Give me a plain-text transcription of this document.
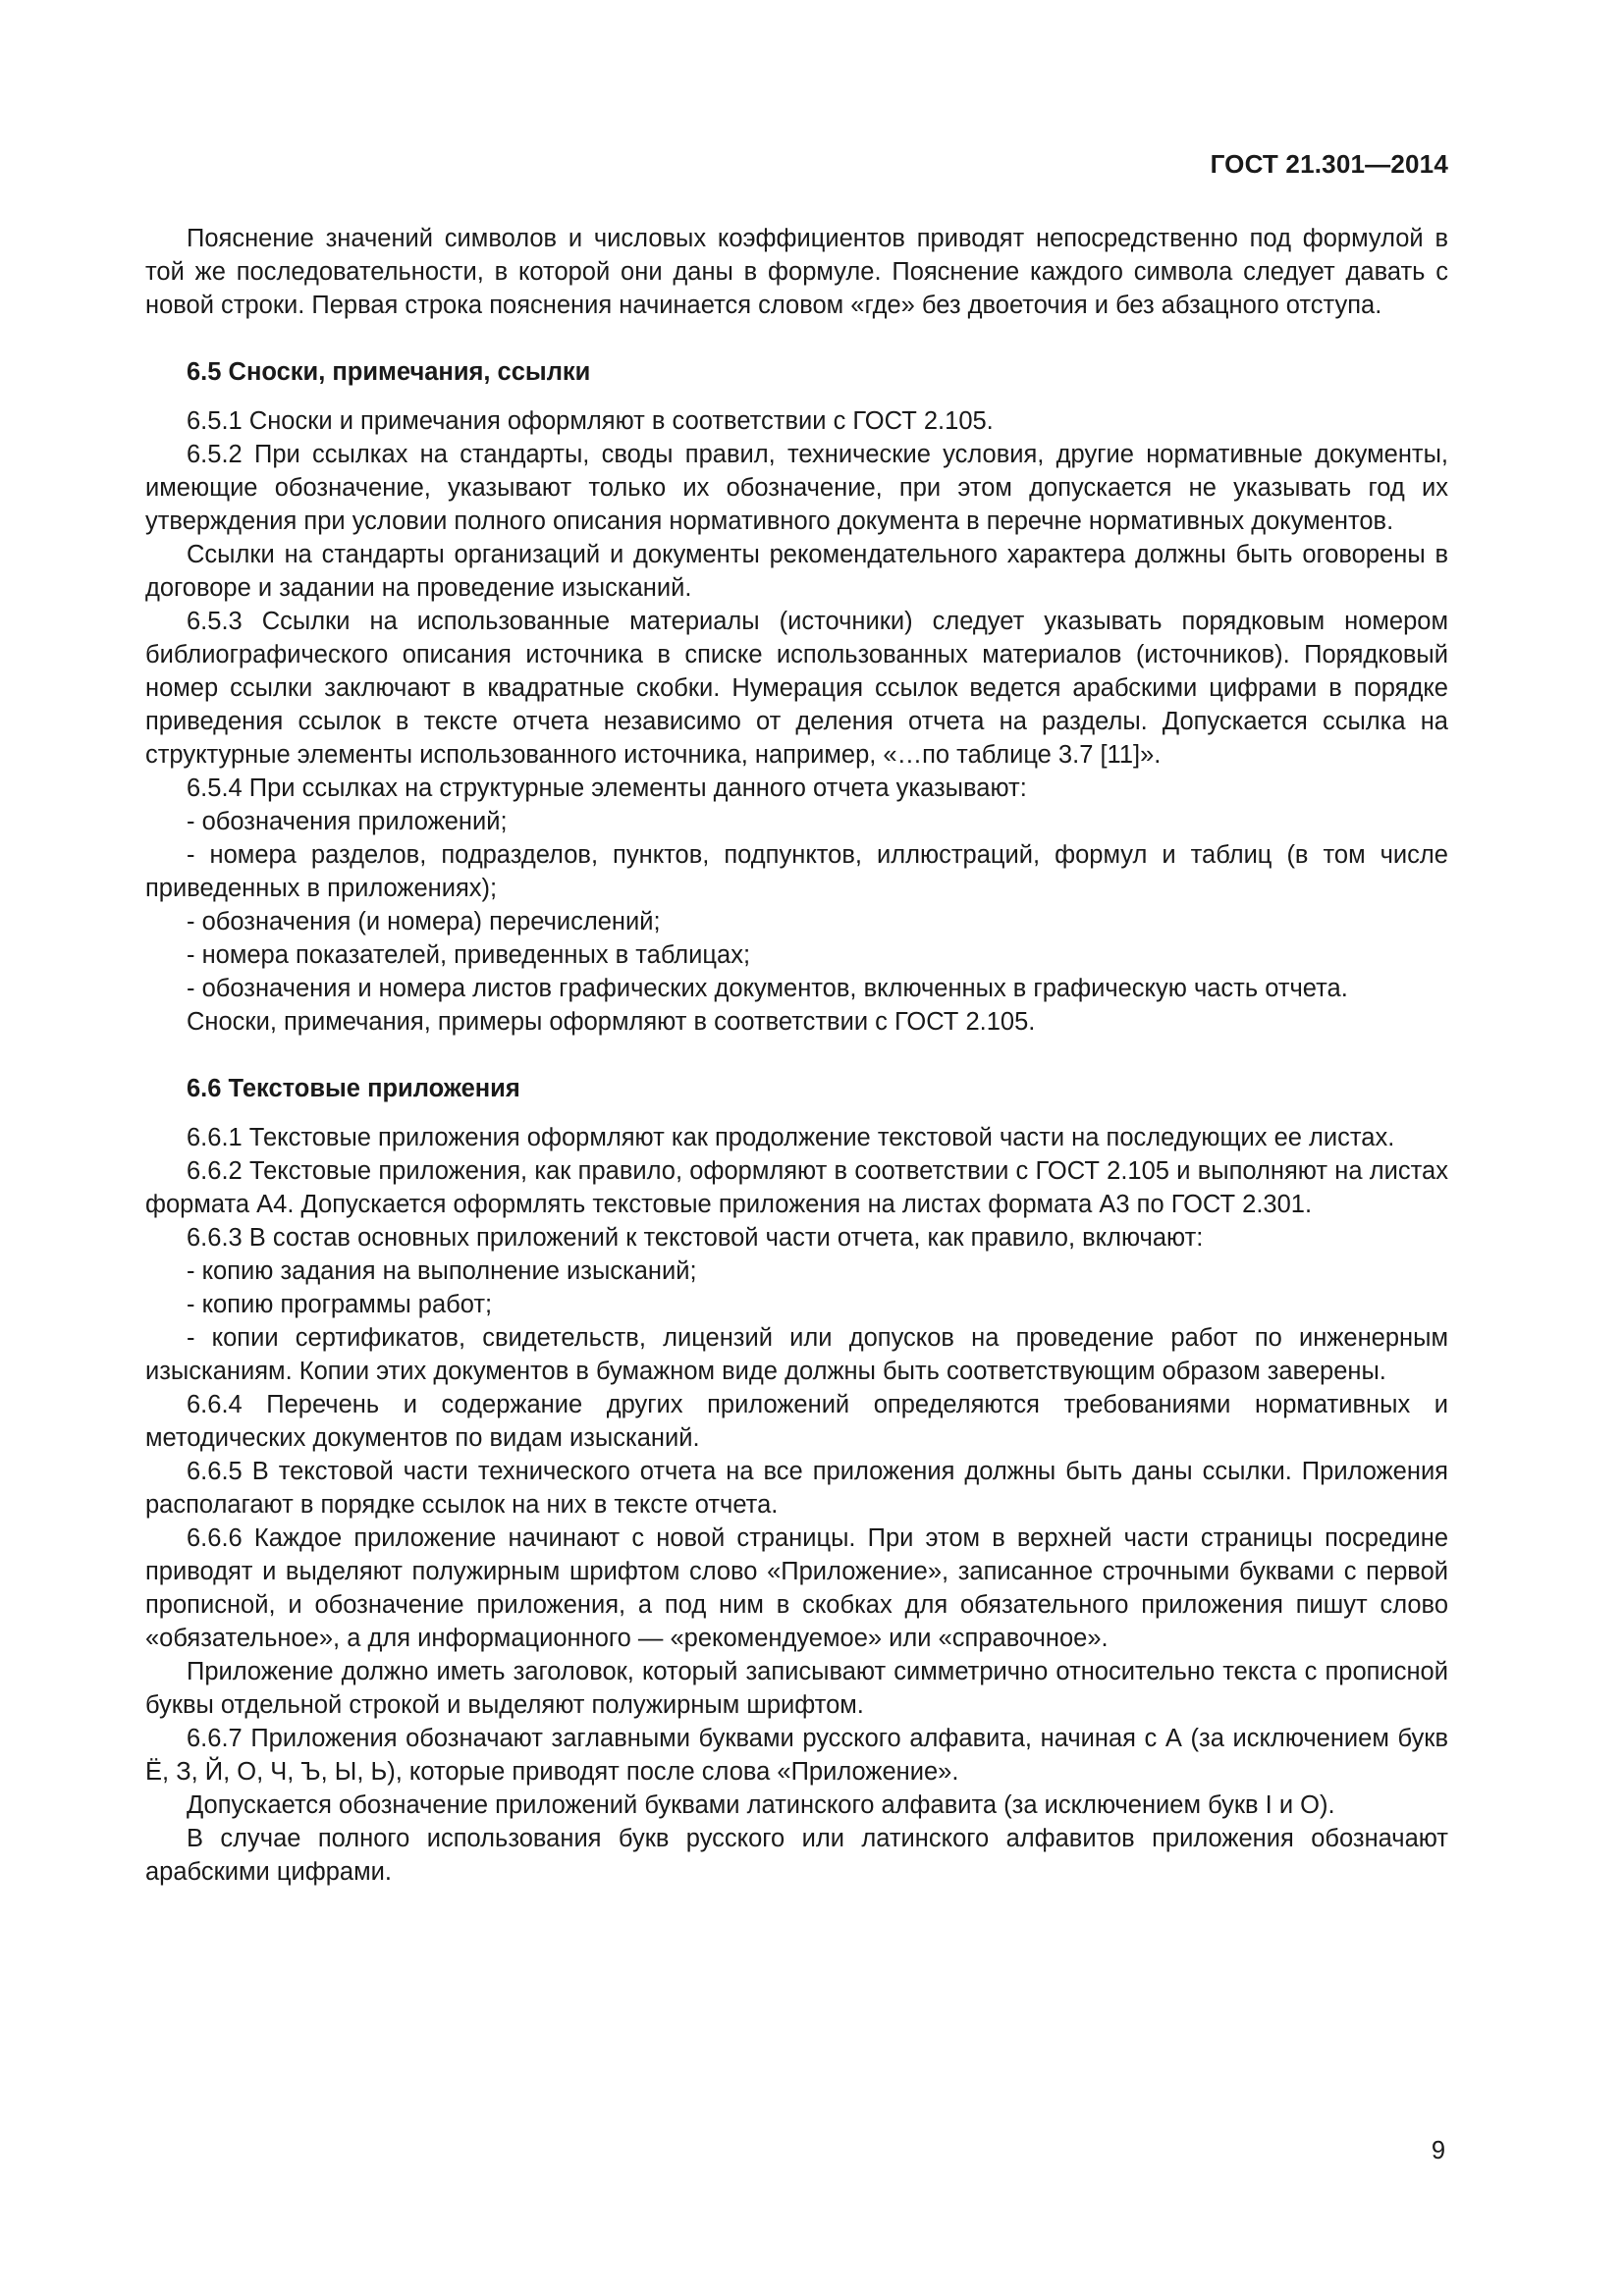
ГОСТ 21.301—2014

Пояснение значений символов и числовых коэффициентов приводят непосредственно под формулой в той же последовательности, в которой они даны в формуле. Пояснение каждого символа следует давать с новой строки. Первая строка пояснения начинается словом «где» без двоеточия и без абзацного отступа.

6.5 Сноски, примечания, ссылки

6.5.1 Сноски и примечания оформляют в соответствии с ГОСТ 2.105.

6.5.2 При ссылках на стандарты, своды правил, технические условия, другие нормативные документы, имеющие обозначение, указывают только их обозначение, при этом допускается не указывать год их утверждения при условии полного описания нормативного документа в перечне нормативных документов.

Ссылки на стандарты организаций и документы рекомендательного характера должны быть оговорены в договоре и задании на проведение изысканий.

6.5.3 Ссылки на использованные материалы (источники) следует указывать порядковым номером библиографического описания источника в списке использованных материалов (источников). Порядковый номер ссылки заключают в квадратные скобки. Нумерация ссылок ведется арабскими цифрами в порядке приведения ссылок в тексте отчета независимо от деления отчета на разделы. Допускается ссылка на структурные элементы использованного источника, например, «…по таблице 3.7 [11]».

6.5.4 При ссылках на структурные элементы данного отчета указывают:

- обозначения приложений;

- номера разделов, подразделов, пунктов, подпунктов, иллюстраций, формул и таблиц (в том числе приведенных в приложениях);

- обозначения (и номера) перечислений;

- номера показателей, приведенных в таблицах;

- обозначения и номера листов графических документов, включенных в графическую часть отчета.

Сноски, примечания, примеры оформляют в соответствии с ГОСТ 2.105.

6.6 Текстовые приложения

6.6.1 Текстовые приложения оформляют как продолжение текстовой части на последующих ее листах.

6.6.2 Текстовые приложения, как правило, оформляют в соответствии с ГОСТ 2.105 и выполняют на листах формата А4. Допускается оформлять текстовые приложения на листах формата А3 по ГОСТ 2.301.

6.6.3 В состав основных приложений к текстовой части отчета, как правило, включают:

- копию задания на выполнение изысканий;

- копию программы работ;

- копии сертификатов, свидетельств, лицензий или допусков на проведение работ по инженерным изысканиям. Копии этих документов в бумажном виде должны быть соответствующим образом заверены.

6.6.4 Перечень и содержание других приложений определяются требованиями нормативных и методических документов по видам изысканий.

6.6.5 В текстовой части технического отчета на все приложения должны быть даны ссылки. Приложения располагают в порядке ссылок на них в тексте отчета.

6.6.6 Каждое приложение начинают с новой страницы. При этом в верхней части страницы посредине приводят и выделяют полужирным шрифтом слово «Приложение», записанное строчными буквами с первой прописной, и обозначение приложения, а под ним в скобках для обязательного приложения пишут слово «обязательное», а для информационного — «рекомендуемое» или «справочное».

Приложение должно иметь заголовок, который записывают симметрично относительно текста с прописной буквы отдельной строкой и выделяют полужирным шрифтом.

6.6.7 Приложения обозначают заглавными буквами русского алфавита, начиная с А (за исключением букв Ё, З, Й, О, Ч, Ъ, Ы, Ь), которые приводят после слова «Приложение».

Допускается обозначение приложений буквами латинского алфавита (за исключением букв I и O).

В случае полного использования букв русского или латинского алфавитов приложения обозначают арабскими цифрами.

9
